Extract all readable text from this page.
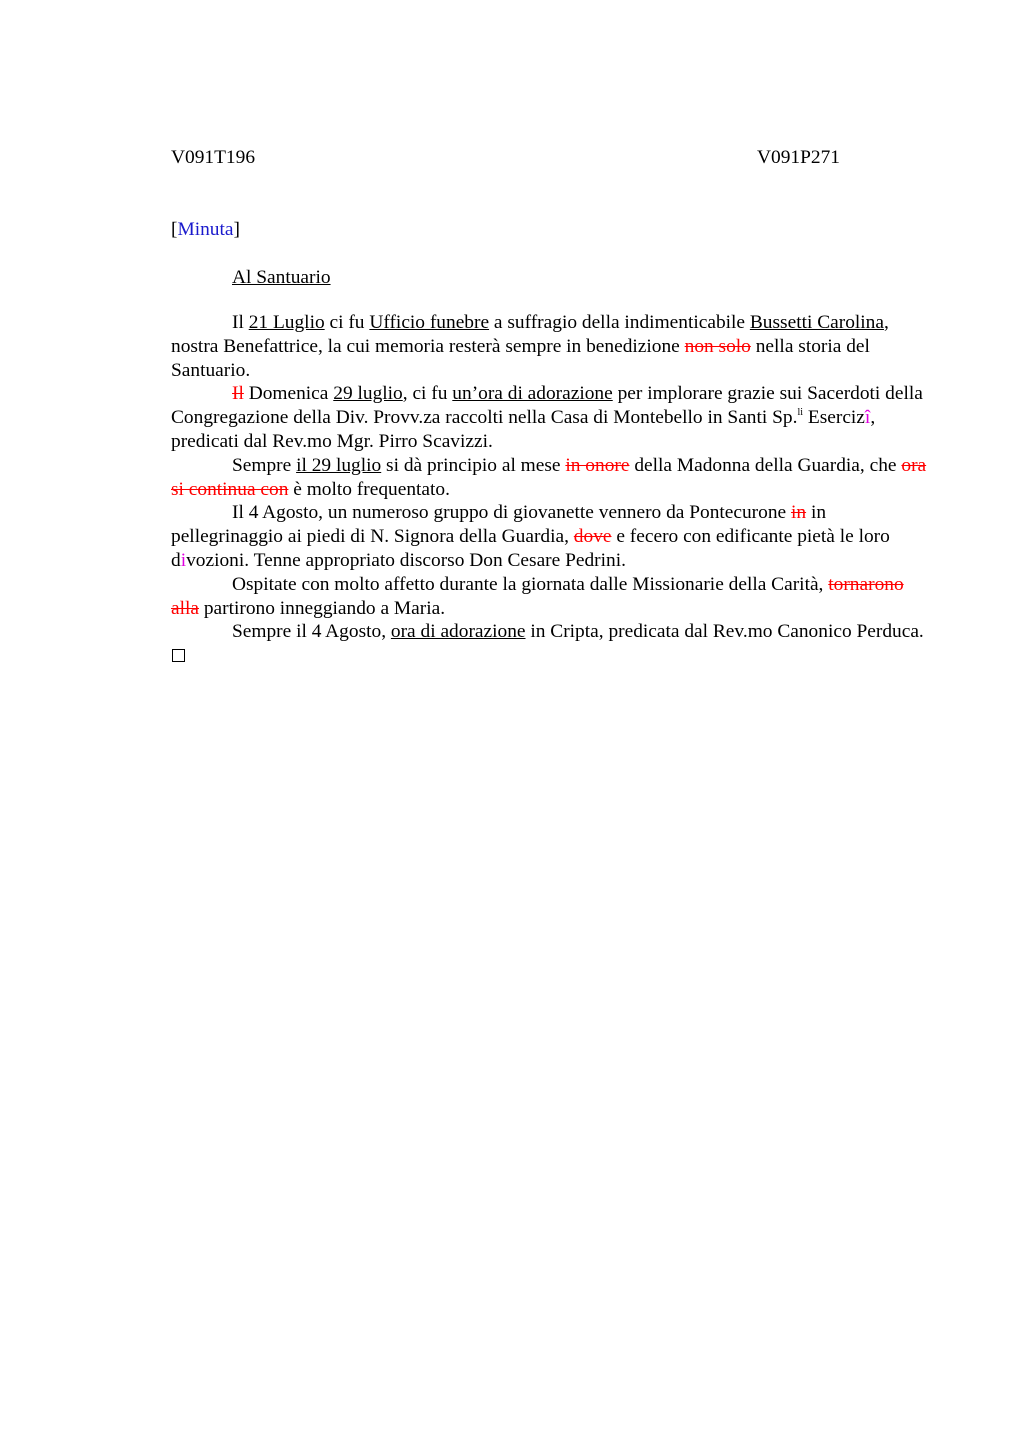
V091T196	V091P271
[Minuta]
Al Santuario

Il 21 Luglio ci fu Ufficio funebre a suffragio della indimenticabile Bussetti Carolina, nostra Benefattrice, la cui memoria resterà sempre in benedizione non solo nella storia del Santuario.

Il Domenica 29 luglio, ci fu un’ora di adorazione per implorare grazie sui Sacerdoti della Congregazione della Div. Provv.za raccolti nella Casa di Montebello in Santi Sp.$^{li}$ Esercizî, predicati dal Rev.mo Mgr. Pirro Scavizzi.

Sempre il 29 luglio si dà principio al mese in onore della Madonna della Guardia, che ora si continua con è molto frequentato.

Il 4 Agosto, un numeroso gruppo di giovanette vennero da Pontecurone in in pellegrinaggio ai piedi di N. Signora della Guardia, dove e fecero con edificante pietà le loro divozioni. Tenne appropriato discorso Don Cesare Pedrini.

Ospitate con molto affetto durante la giornata dalle Missionarie della Carità, tornarono alla partirono inneggiando a Maria.

Sempre il 4 Agosto, ora di adorazione in Cripta, predicata dal Rev.mo Canonico Perduca.
